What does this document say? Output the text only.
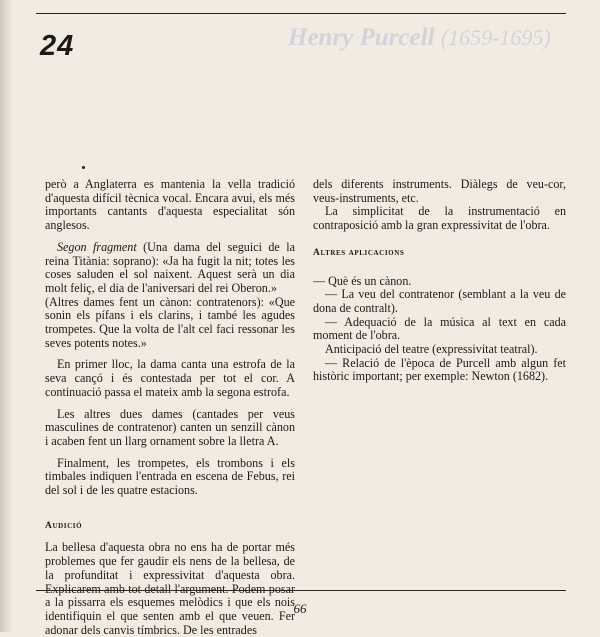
24	Henry Purcell (1659-1695)

però a Anglaterra es mantenia la vella tradició d'aquesta difícil tècnica vocal. Encara avui, els més importants cantants d'aquesta especialitat són anglesos.

Segon fragment (Una dama del seguici de la reina Titània: soprano): «Ja ha fugit la nit; totes les coses saluden el sol naixent. Aquest serà un dia molt feliç, el dia de l'aniversari del rei Oberon.»

(Altres dames fent un cànon: contratenors): «Que sonin els pífans i els clarins, i també les agudes trompetes. Que la volta de l'alt cel faci ressonar les seves potents notes.»

En primer lloc, la dama canta una estrofa de la seva cançó i és contestada per tot el cor. A continuació passa el mateix amb la segona estrofa.

Les altres dues dames (cantades per veus masculines de contratenor) canten un senzill cànon i acaben fent un llarg ornament sobre la lletra A.

Finalment, les trompetes, els trombons i els timbales indiquen l'entrada en escena de Febus, rei del sol i de les quatre estacions.

Audició

La bellesa d'aquesta obra no ens ha de portar més problemes que fer gaudir els nens de la bellesa, de la profunditat i expressivitat d'aquesta obra. Explicarem amb tot detall l'argument. Podem posar a la pissarra els esquemes melòdics i que els nois identifiquin el que senten amb el que veuen. Fer adonar dels canvis tímbrics. De les entrades

dels diferents instruments. Diàlegs de veu-cor, veus-instruments, etc.

La simplicitat de la instrumentació en contraposició amb la gran expressivitat de l'obra.

Altres aplicacions

— Què és un cànon.

— La veu del contratenor (semblant a la veu de dona de contralt).

— Adequació de la música al text en cada moment de l'obra.

Anticipació del teatre (expressivitat teatral).

— Relació de l'època de Purcell amb algun fet històric important; per exemple: Newton (1682).

66
